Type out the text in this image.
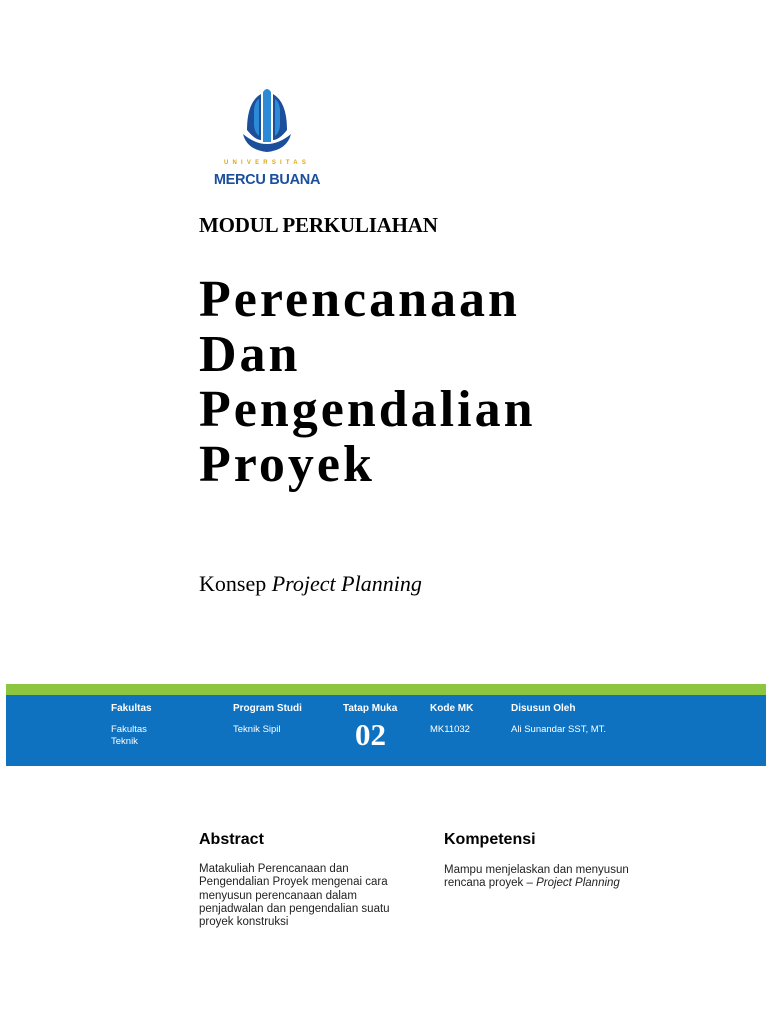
UNIVERSITAS
MERCU BUANA
MODUL PERKULIAHAN
Perencanaan
Dan
Pengendalian
Proyek
Konsep Project Planning
Fakultas
Fakultas
Teknik
Program Studi
Teknik Sipil
Tatap Muka
02
Kode MK
MK11032
Disusun Oleh
Ali Sunandar SST, MT.
Abstract
Matakuliah Perencanaan dan
Pengendalian Proyek mengenai cara
menyusun perencanaan dalam
penjadwalan dan pengendalian suatu
proyek konstruksi
Kompetensi
Mampu menjelaskan dan menyusun
rencana proyek – Project Planning
